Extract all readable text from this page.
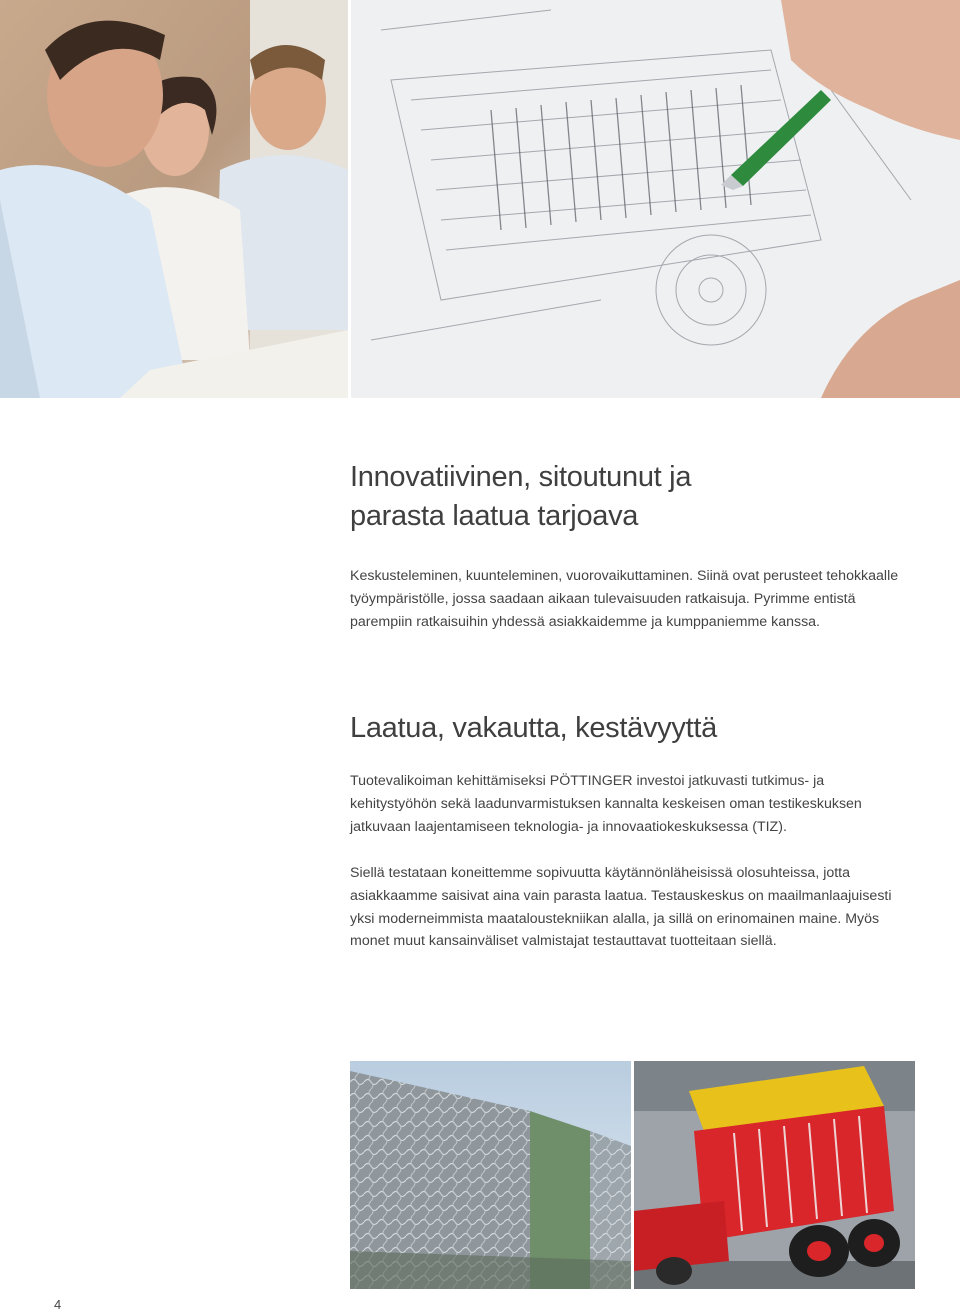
Innovatiivinen, sitoutunut ja
parasta laatua tarjoava

Keskusteleminen, kuunteleminen, vuorovaikuttaminen. Siinä ovat perusteet tehokkaalle työympäristölle, jossa saadaan aikaan tulevaisuuden ratkaisuja. Pyrimme entistä parempiin ratkaisuihin yhdessä asiakkaidemme ja kumppaniemme kanssa.

Laatua, vakautta, kestävyyttä

Tuotevalikoiman kehittämiseksi PÖTTINGER investoi jatkuvasti tutkimus- ja kehitystyöhön sekä laadunvarmistuksen kannalta keskeisen oman testikeskuksen jatkuvaan laajentamiseen teknologia- ja innovaatiokeskuksessa (TIZ).

Siellä testataan koneittemme sopivuutta käytännönläheisissä olosuhteissa, jotta asiakkaamme saisivat aina vain parasta laatua. Testauskeskus on maailmanlaajuisesti yksi moderneimmista maataloustekniikan alalla, ja sillä on erinomainen maine. Myös monet muut kansainväliset valmistajat testauttavat tuotteitaan siellä.

4
